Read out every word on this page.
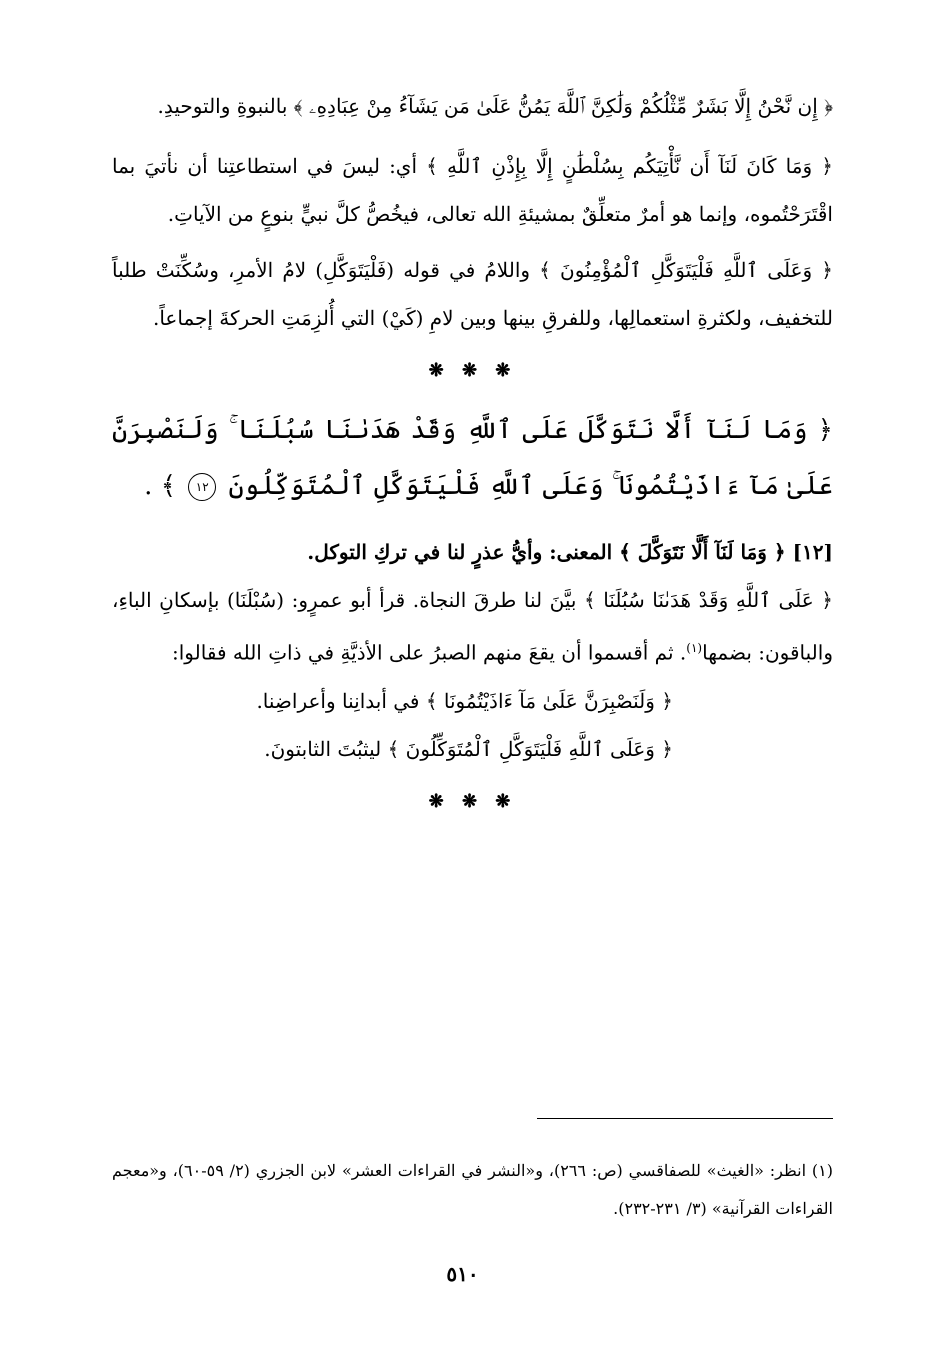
﴿ إِن نَّحْنُ إِلَّا بَشَرٌ مِّثْلُكُمْ وَلَٰكِنَّ ٱللَّهَ يَمُنُّ عَلَىٰ مَن يَشَآءُ مِنْ عِبَادِهِۦ ﴾ بالنبوةِ والتوحيدِ.

﴿ وَمَا كَانَ لَنَآ أَن نَّأْتِيَكُم بِسُلْطَٰنٍ إِلَّا بِإِذْنِ ٱللَّهِ ﴾ أي: ليسَ في استطاعتِنا أن نأتيَ بما اقْتَرَحْتُموه، وإنما هو أمرٌ متعلِّقٌ بمشيئةِ الله تعالى، فيخُصُّ كلَّ نبيٍّ بنوعٍ من الآياتِ.

﴿ وَعَلَى ٱللَّهِ فَلْيَتَوَكَّلِ ٱلْمُؤْمِنُونَ ﴾ واللامُ في قوله (فَلْيَتَوَكَّلِ) لامُ الأمرِ، وسُكِّنَتْ طلباً للتخفيف، ولكثرةِ استعمالِها، وللفرقِ بينها وبين لامِ (كَيْ) التي أُلزِمَتِ الحركةَ إجماعاً.

❋ ❋ ❋

﴿ وَمَا لَنَآ أَلَّا نَتَوَكَّلَ عَلَى ٱللَّهِ وَقَدْ هَدَىٰنَا سُبُلَنَا ۚ وَلَنَصْبِرَنَّ عَلَىٰ مَآ ءَاذَيْتُمُونَا ۚ وَعَلَى ٱللَّهِ فَلْيَتَوَكَّلِ ٱلْمُتَوَكِّلُونَ ١٢ ﴾ .

[١٢] ﴿ وَمَا لَنَآ أَلَّا نَتَوَكَّلَ ﴾ المعنى: وأيُّ عذرٍ لنا في تركِ التوكل.

﴿ عَلَى ٱللَّهِ وَقَدْ هَدَىٰنَا سُبُلَنَا ﴾ بيَّنَ لنا طرقَ النجاة. قرأ أبو عمرٍو: (سُبْلَنَا) بإسكانِ الباءِ، والباقون: بضمها$^{(١)}$. ثم أقسموا أن يقعَ منهم الصبرُ على الأذيَّةِ في ذاتِ الله فقالوا:

﴿ وَلَنَصْبِرَنَّ عَلَىٰ مَآ ءَاذَيْتُمُونَا ﴾ في أبدانِنا وأعراضِنا.

﴿ وَعَلَى ٱللَّهِ فَلْيَتَوَكَّلِ ٱلْمُتَوَكِّلُونَ ﴾ ليثبُتَ الثابتونَ.

❋ ❋ ❋
(١) انظر: «الغيث» للصفاقسي (ص: ٢٦٦)، و«النشر في القراءات العشر» لابن الجزري (٢/ ٥٩-٦٠)، و«معجم القراءات القرآنية» (٣/ ٢٣١-٢٣٢).
٥١٠
